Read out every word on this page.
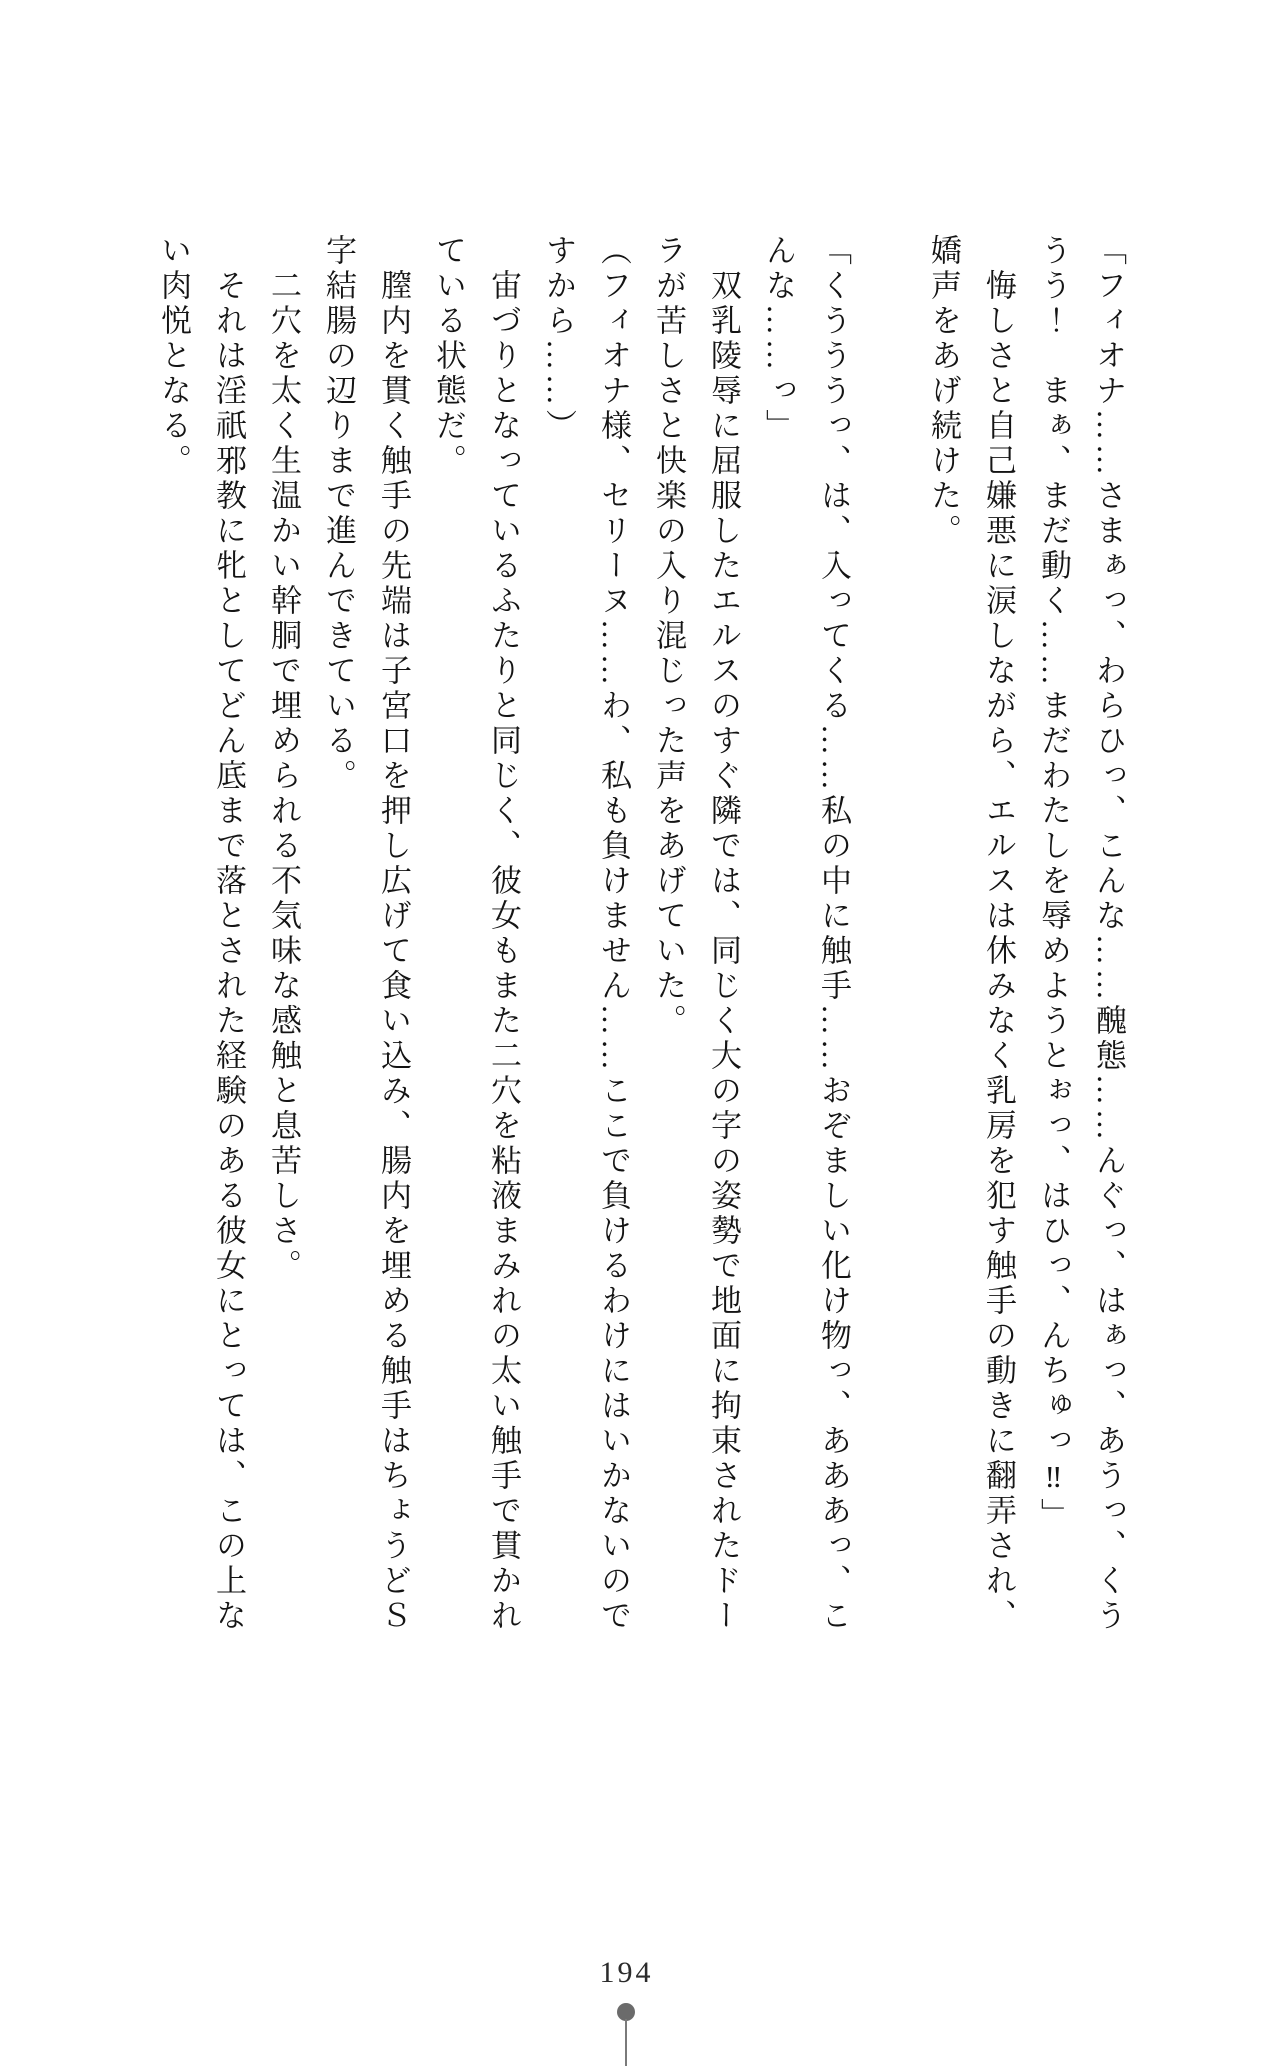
「フィオナ……さまぁっ、わらひっ、こんな……醜態……んぐっ、はぁっ、あうっ、くううう！　まぁ、まだ動く……まだわたしを辱めようとぉっ、はひっ、んちゅっ‼」

悔しさと自己嫌悪に涙しながら、エルスは休みなく乳房を犯す触手の動きに翻弄され、嬌声をあげ続けた。

「くうううっ、は、入ってくる……私の中に触手……おぞましい化け物っ、あああっ、こんな……っ」

双乳陵辱に屈服したエルスのすぐ隣では、同じく大の字の姿勢で地面に拘束されたドーラが苦しさと快楽の入り混じった声をあげていた。

（フィオナ様、セリーヌ……わ、私も負けません……ここで負けるわけにはいかないのですから……）

宙づりとなっているふたりと同じく、彼女もまた二穴を粘液まみれの太い触手で貫かれている状態だ。

膣内を貫く触手の先端は子宮口を押し広げて食い込み、腸内を埋める触手はちょうどＳ字結腸の辺りまで進んできている。

二穴を太く生温かい幹胴で埋められる不気味な感触と息苦しさ。

それは淫祇邪教に牝としてどん底まで落とされた経験のある彼女にとっては、この上ない肉悦となる。

194
